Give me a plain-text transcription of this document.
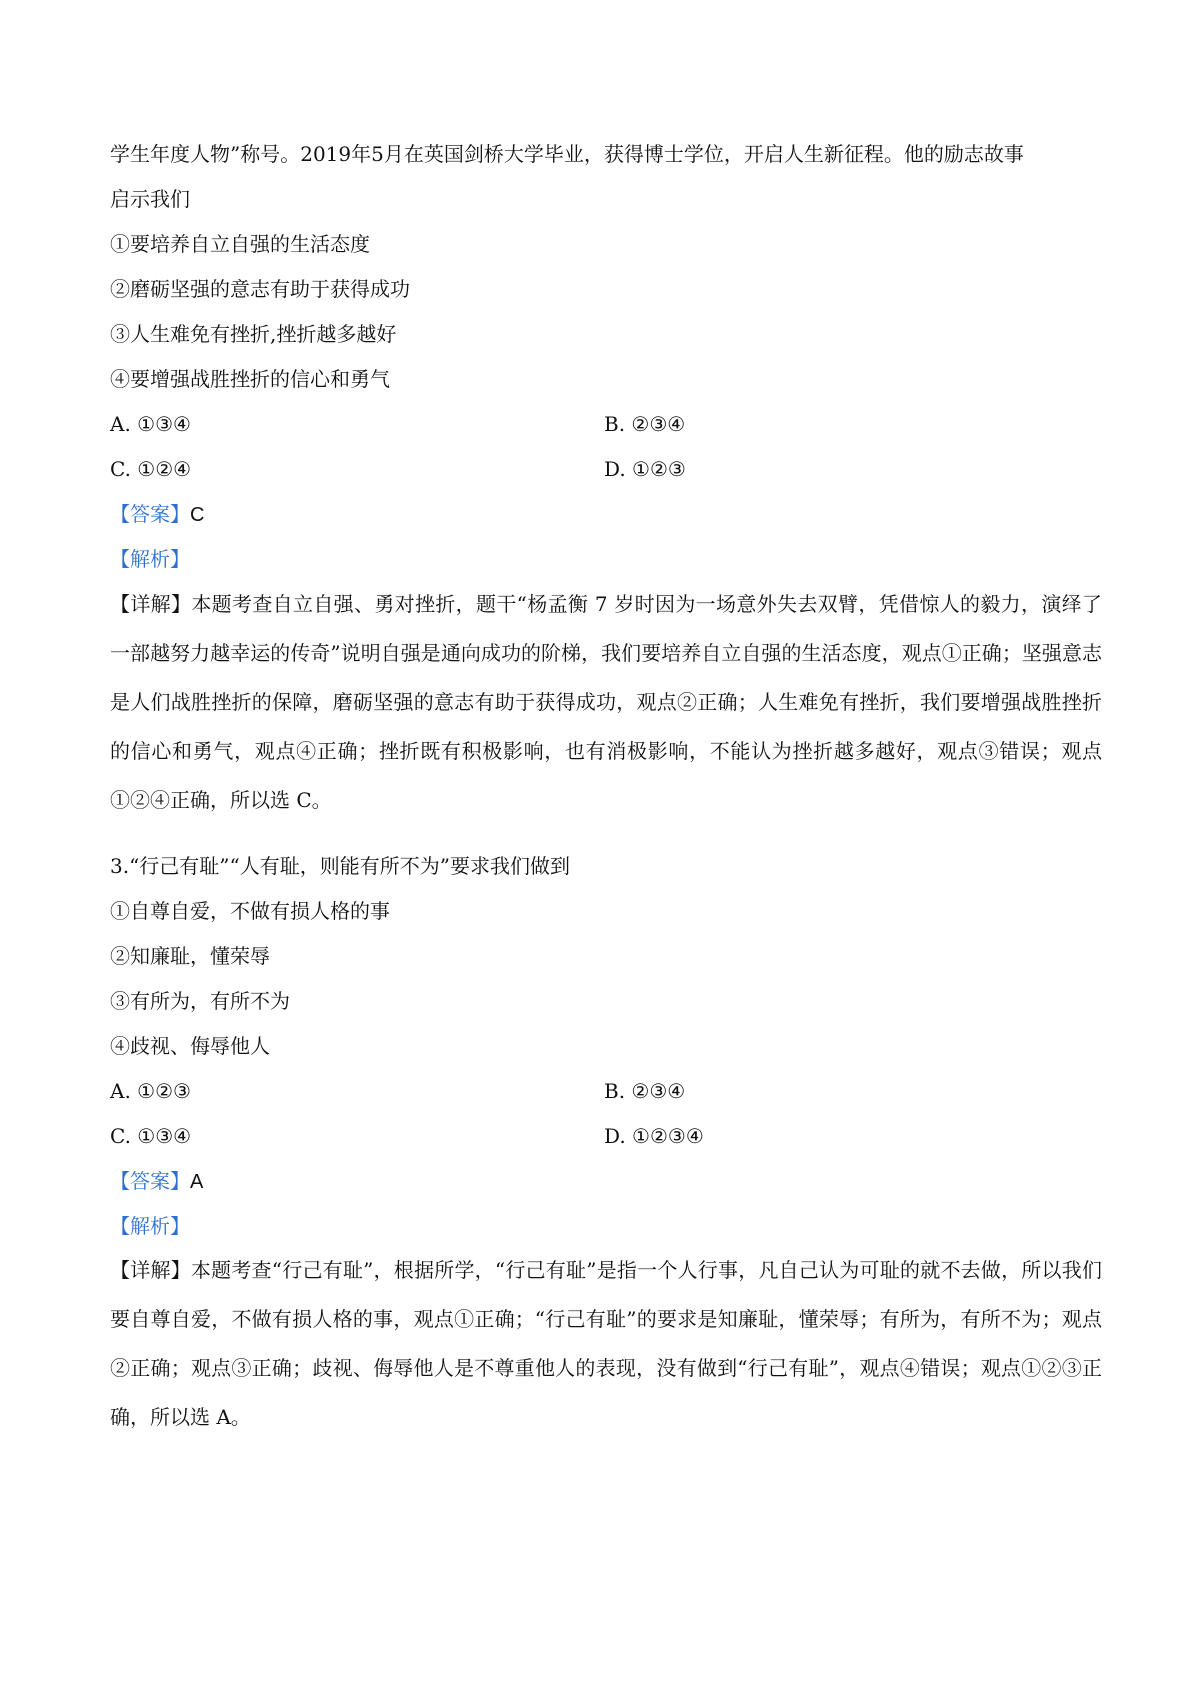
学生年度人物”称号。2019年5月在英国剑桥大学毕业，获得博士学位，开启人生新征程。他的励志故事
启示我们
①要培养自立自强的生活态度
②磨砺坚强的意志有助于获得成功
③人生难免有挫折,挫折越多越好
④要增强战胜挫折的信心和勇气
A. ①③④	B. ②③④
C. ①②④	D. ①②③
【答案】C
【解析】
【详解】本题考查自立自强、勇对挫折，题干“杨孟衡 7 岁时因为一场意外失去双臂，凭借惊人的毅力，演绎了一部越努力越幸运的传奇”说明自强是通向成功的阶梯，我们要培养自立自强的生活态度，观点①正确；坚强意志是人们战胜挫折的保障，磨砺坚强的意志有助于获得成功，观点②正确；人生难免有挫折，我们要增强战胜挫折的信心和勇气，观点④正确；挫折既有积极影响，也有消极影响，不能认为挫折越多越好，观点③错误；观点①②④正确，所以选 C。
3.“行己有耻”“人有耻，则能有所不为”要求我们做到
①自尊自爱，不做有损人格的事
②知廉耻，懂荣辱
③有所为，有所不为
④歧视、侮辱他人
A. ①②③	B. ②③④
C. ①③④	D. ①②③④
【答案】A
【解析】
【详解】本题考查“行己有耻”，根据所学，“行己有耻”是指一个人行事，凡自己认为可耻的就不去做，所以我们要自尊自爱，不做有损人格的事，观点①正确；“行己有耻”的要求是知廉耻，懂荣辱；有所为，有所不为；观点②正确；观点③正确；歧视、侮辱他人是不尊重他人的表现，没有做到“行己有耻”，观点④错误；观点①②③正确，所以选 A。
